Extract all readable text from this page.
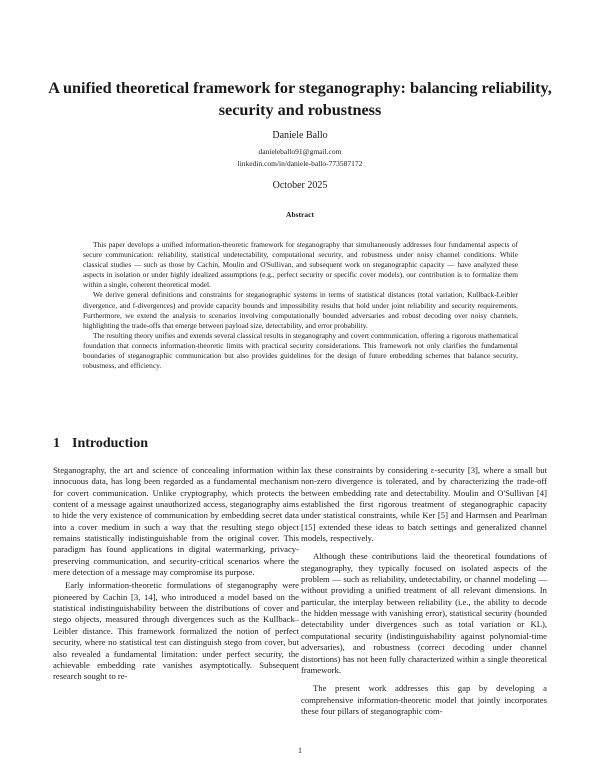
A unified theoretical framework for steganography: balancing reliability, security and robustness
Daniele Ballo
danieleballo91@gmail.com
linkedin.com/in/daniele-ballo-773587172
October 2025
Abstract

This paper develops a unified information-theoretic framework for steganography that simultaneously addresses four fundamental aspects of secure communication: reliability, statistical undetectability, computational security, and robustness under noisy channel conditions. While classical studies — such as those by Cachin, Moulin and O'Sullivan, and subsequent work on steganographic capacity — have analyzed these aspects in isolation or under highly idealized assumptions (e.g., perfect security or specific cover models), our contribution is to formalize them within a single, coherent theoretical model.

We derive general definitions and constraints for steganographic systems in terms of statistical distances (total variation, Kullback-Leibler divergence, and f-divergences) and provide capacity bounds and impossibility results that hold under joint reliability and security requirements. Furthermore, we extend the analysis to scenarios involving computationally bounded adversaries and robust decoding over noisy channels, highlighting the trade-offs that emerge between payload size, detectability, and error probability.

The resulting theory unifies and extends several classical results in steganography and covert communication, offering a rigorous mathematical foundation that connects information-theoretic limits with practical security considerations. This framework not only clarifies the fundamental boundaries of steganographic communication but also provides guidelines for the design of future embedding schemes that balance security, robustness, and efficiency.

1 Introduction

Steganography, the art and science of concealing information within innocuous data, has long been regarded as a fundamental mechanism for covert communication. Unlike cryptography, which protects the content of a message against unauthorized access, steganography aims to hide the very existence of communication by embedding secret data into a cover medium in such a way that the resulting stego object remains statistically indistinguishable from the original cover. This paradigm has found applications in digital watermarking, privacy-preserving communication, and security-critical scenarios where the mere detection of a message may compromise its purpose.

Early information-theoretic formulations of steganography were pioneered by Cachin [3, 14], who introduced a model based on the statistical indistinguishability between the distributions of cover and stego objects, measured through divergences such as the Kullback–Leibler distance. This framework formalized the notion of perfect security, where no statistical test can distinguish stego from cover, but also revealed a fundamental limitation: under perfect security, the achievable embedding rate vanishes asymptotically. Subsequent research sought to re-

lax these constraints by considering ε-security [3], where a small but non-zero divergence is tolerated, and by characterizing the trade-off between embedding rate and detectability. Moulin and O'Sullivan [4] established the first rigorous treatment of steganographic capacity under statistical constraints, while Ker [5] and Harmsen and Pearlman [15] extended these ideas to batch settings and generalized channel models, respectively.

Although these contributions laid the theoretical foundations of steganography, they typically focused on isolated aspects of the problem — such as reliability, undetectability, or channel modeling — without providing a unified treatment of all relevant dimensions. In particular, the interplay between reliability (i.e., the ability to decode the hidden message with vanishing error), statistical security (bounded detectability under divergences such as total variation or KL), computational security (indistinguishability against polynomial-time adversaries), and robustness (correct decoding under channel distortions) has not been fully characterized within a single theoretical framework.

The present work addresses this gap by developing a comprehensive information-theoretic model that jointly incorporates these four pillars of steganographic com-

1
